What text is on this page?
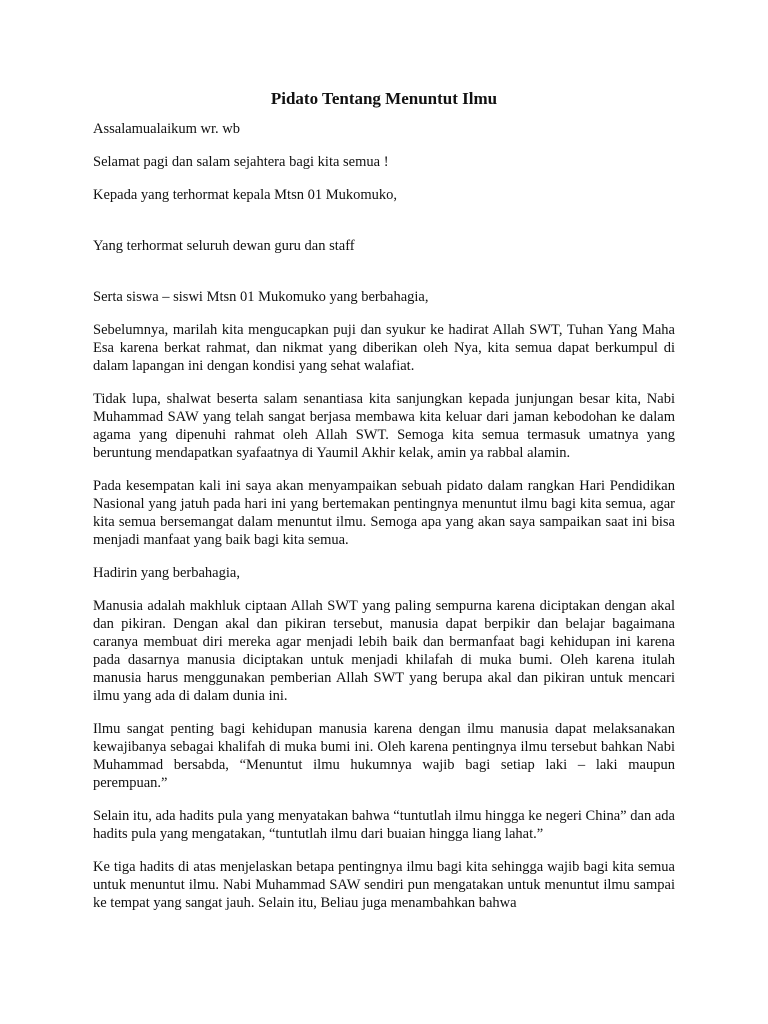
Pidato Tentang Menuntut Ilmu

Assalamualaikum wr. wb

Selamat pagi dan salam sejahtera bagi kita semua !

Kepada yang terhormat kepala Mtsn 01 Mukomuko,

Yang terhormat seluruh dewan guru dan staff

Serta siswa – siswi Mtsn 01 Mukomuko yang berbahagia,

Sebelumnya, marilah kita mengucapkan puji dan syukur ke hadirat Allah SWT, Tuhan Yang Maha Esa karena berkat rahmat, dan nikmat yang diberikan oleh Nya, kita semua dapat berkumpul di dalam lapangan ini dengan kondisi yang sehat walafiat.

Tidak lupa, shalwat beserta salam senantiasa kita sanjungkan kepada junjungan besar kita, Nabi Muhammad SAW yang telah sangat berjasa membawa kita keluar dari jaman kebodohan ke dalam agama yang dipenuhi rahmat oleh Allah SWT. Semoga kita semua termasuk umatnya yang beruntung mendapatkan syafaatnya di Yaumil Akhir kelak, amin ya rabbal alamin.

Pada kesempatan kali ini saya akan menyampaikan sebuah pidato dalam rangkan Hari Pendidikan Nasional yang jatuh pada hari ini yang bertemakan pentingnya menuntut ilmu bagi kita semua, agar kita semua bersemangat dalam menuntut ilmu. Semoga apa yang akan saya sampaikan saat ini bisa menjadi manfaat yang baik bagi kita semua.

Hadirin yang berbahagia,

Manusia adalah makhluk ciptaan Allah SWT yang paling sempurna karena diciptakan dengan akal dan pikiran. Dengan akal dan pikiran tersebut, manusia dapat berpikir dan belajar bagaimana caranya membuat diri mereka agar menjadi lebih baik dan bermanfaat bagi kehidupan ini karena pada dasarnya manusia diciptakan untuk menjadi khilafah di muka bumi. Oleh karena itulah manusia harus menggunakan pemberian Allah SWT yang berupa akal dan pikiran untuk mencari ilmu yang ada di dalam dunia ini.

Ilmu sangat penting bagi kehidupan manusia karena dengan ilmu manusia dapat melaksanakan kewajibanya sebagai khalifah di muka bumi ini. Oleh karena pentingnya ilmu tersebut bahkan Nabi Muhammad bersabda, “Menuntut ilmu hukumnya wajib bagi setiap laki – laki maupun perempuan.”

Selain itu, ada hadits pula yang menyatakan bahwa “tuntutlah ilmu hingga ke negeri China” dan ada hadits pula yang mengatakan, “tuntutlah ilmu dari buaian hingga liang lahat.”

Ke tiga hadits di atas menjelaskan betapa pentingnya ilmu bagi kita sehingga wajib bagi kita semua untuk menuntut ilmu. Nabi Muhammad SAW sendiri pun mengatakan untuk menuntut ilmu sampai ke tempat yang sangat jauh. Selain itu, Beliau juga menambahkan bahwa
